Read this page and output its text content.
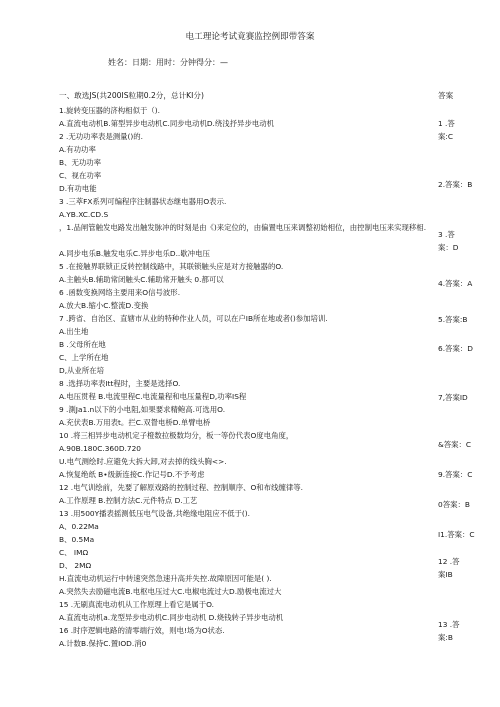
电工理论考试竟赛监控例即带答案
姓名：日期：用时：分钟得分：—
一、敢选JS(共200IS粒期0.2分，总计KI分)	答案
1.旋转变压器的济构相似于（).
A.直流电动机B.第型异步电动机C.同步电动机D.绕浅抒异步电动机
2 .无功功率表是测量()的.
A.有功功率
B、无功功率
C、视在功率
D.有功电能
3 .三萃FX系列可编程序注制器状态继电器用O表示.
A.YB.XC.CD.S
，1.品闸管触发电路发出触发脉冲的时刻是由《)来定位的，由偏置电压来调整初始相位，由控制电压来实现移相.
A.同步电乐B.触发电乐C.异步电乐D..歇冲电压
5 .在接触界联锁正反转控制线路中，其联锁触头应是对方接触器的O.
A.主触头B.辅助常闭触头C.辅助常开触头 0.都可以
6 .函数变换网络主要用来O信号波形.
A.放大B.缩小C.整流D.变换
7 .跨省、自治区、直辖市从业的特种作业人员，可以在户IB所在地或者()参加培训.
A.出生地
B .父母所在地
C、上学所在地
D,从业所在培
8 .选择功率表Itt程时，主要是选择O.
A.电压贯程 B.电流里程C.电流量程和电压量程D,功率IS程
9 .測Ja1.n以下的小电阻,如果要求精鲍高.可选用O.
A.充伏表B.万用表t。拦C.双眢电桥D.单臂电桥
10 .将三相异步电动机定子橙数拉极数均分，板一等份代表O度电角度，
A.90B.180C.360D.720
U.电气测绘时.应避免大拆大卸,对去掉的线头胸<>.
A.恢复绝纸 B•级新连接C.作记号D.不予考虑
12 .电气训绘前，先要了解原戏路的控制过程、控制顺序、O和布线缠律等.
A.工作原理 B.控制方法C.元件特点 D.工艺
13 .用500Y播表摇测低压电气设备,共绝缘电阻应不低于().
A、0.22Ma
B、0.5Ma
C、 IMΩ
D、 2MΩ
H.直流电动机运行中转速突然急速升高并失控.故障原因可能是( ).
A.突然失去励磁电流B.电枢电压过大C.电椒电流过大D.励极电流过大
15 .无刷真流电动机从工作原理上看它是属于O.
A.直流电动机a.龙型异步电动机C.同步电动机 D.烧钱转子异步电动机
16 .时序逻辑电路的清零端行效，则电!场为O状态.
A.计数B.保持C.置IOD.消0
1 .答
案:C
2.答案：B
3 .答
案：D
4.答案：A
5.答案:B
6.答案：D
7,答案ID
&答案：C
9.答案：C
0答案：B
I1.答案：C
12 .答
案IB
13 .答
案:B
